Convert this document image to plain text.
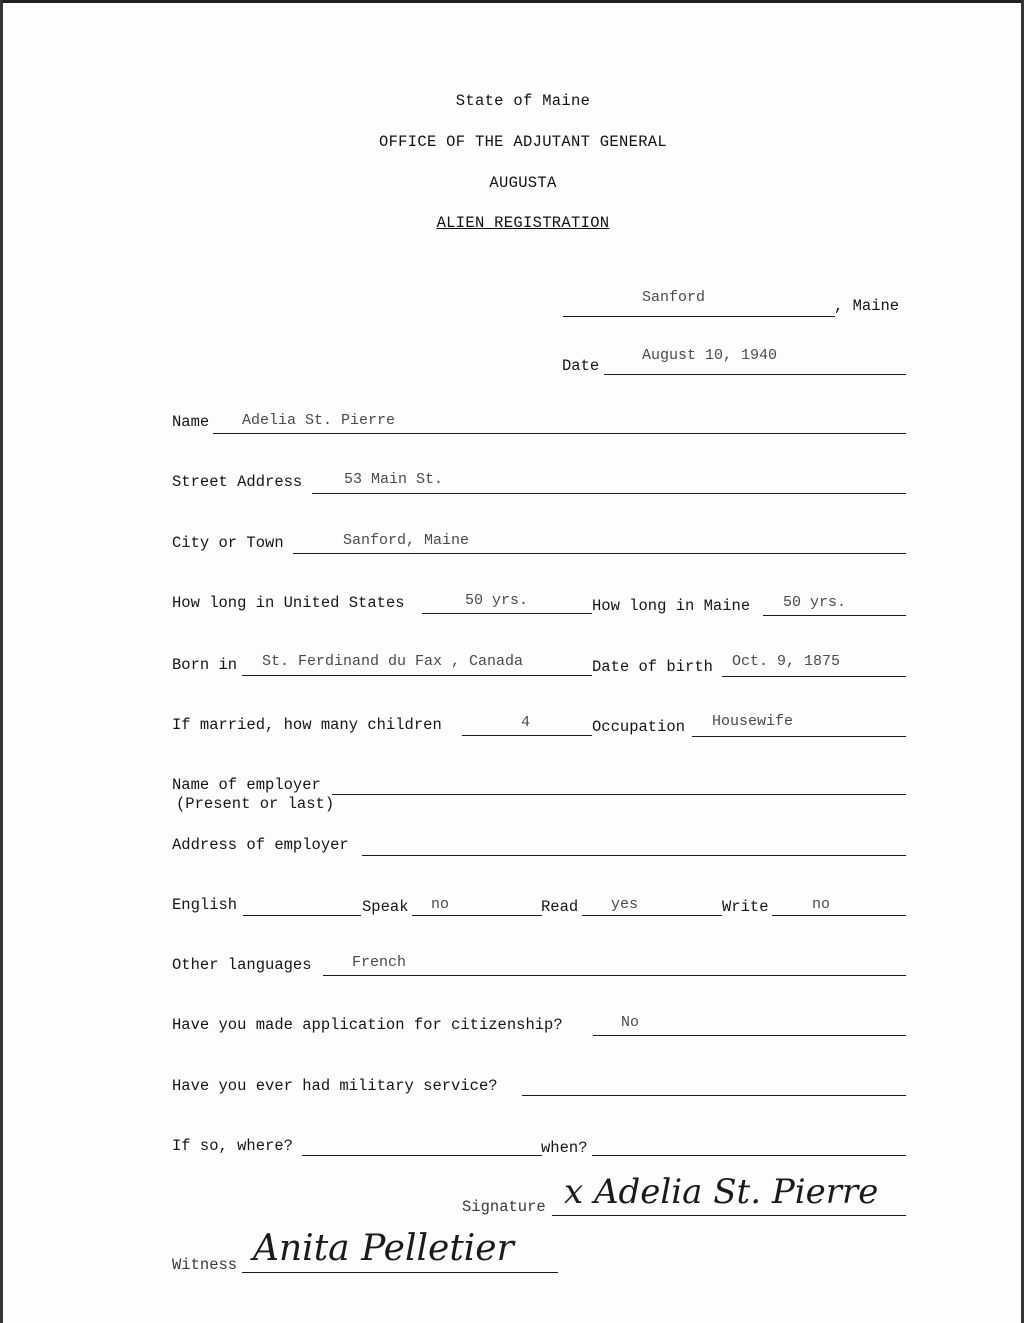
State of Maine
OFFICE OF THE ADJUTANT GENERAL
AUGUSTA
ALIEN REGISTRATION
Sanford	, Maine
Date
August 10, 1940
Name Adelia St. Pierre
Street Address	53 Main St.
City or Town	Sanford, Maine
How long in United States	50 yrs.	How long in Maine 50 yrs.
Born in St. Ferdinand du Fax , Canada	Date of birth Oct. 9, 1875
If married, how many children	4	Occupation Housewife
Name of employer
(Present or last)
Address of employer
English	Speak no	Read yes	Write	no
Other languages	French
Have you made application for citizenship?	No
Have you ever had military service?
If so, where?	when?
Signature x Adelia St. Pierre
Witness Anita Pelletier
